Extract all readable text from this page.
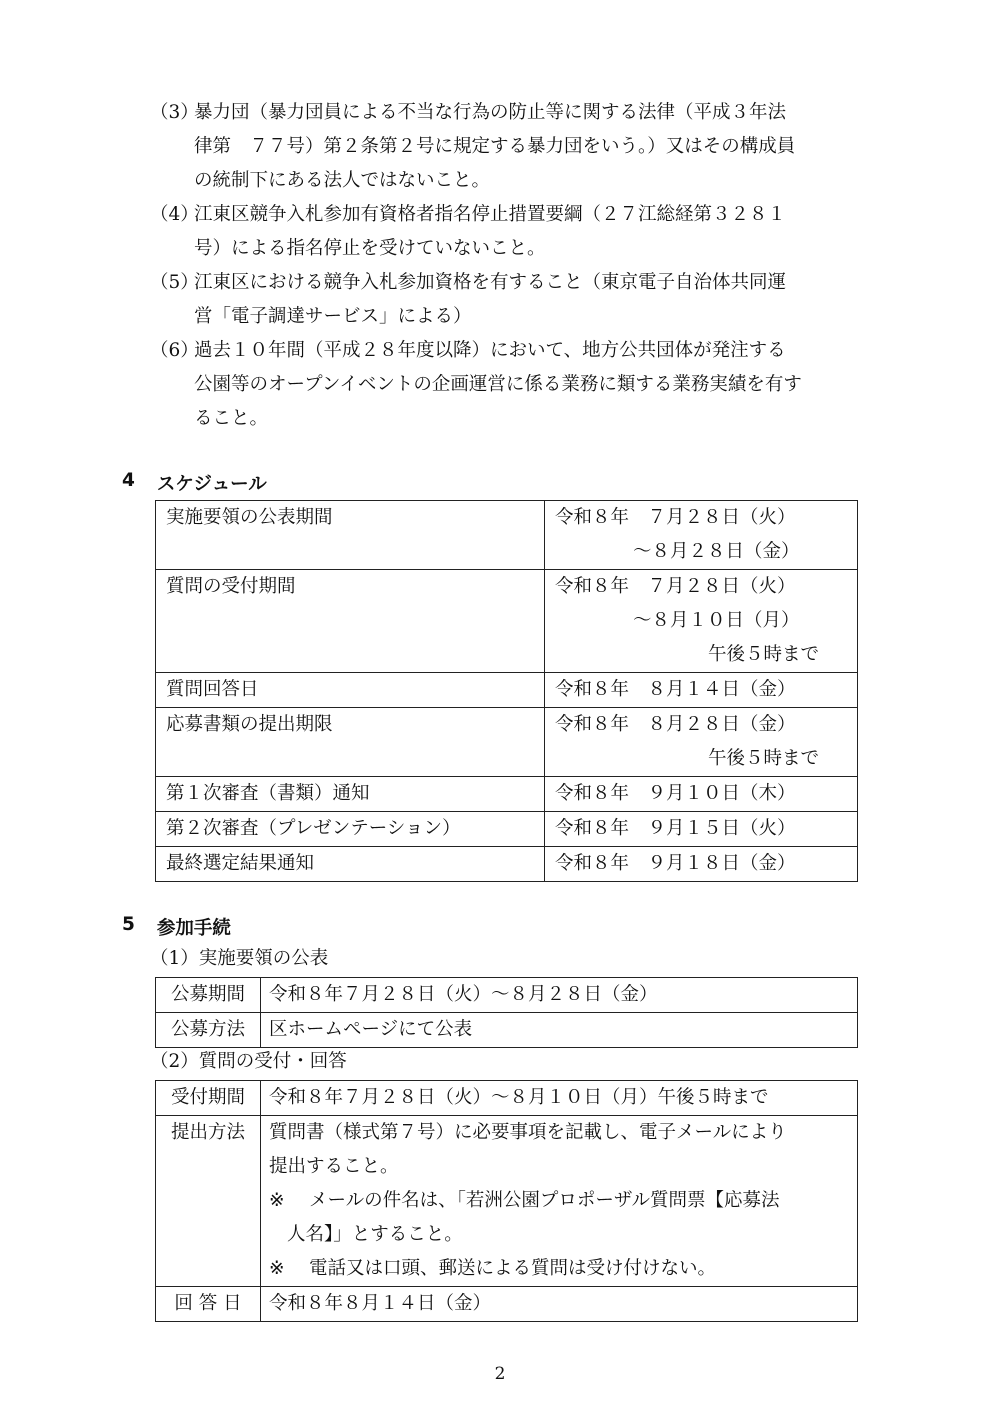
（3）
暴力団（暴力団員による不当な行為の防止等に関する法律（平成３年法
律第　７７号）第２条第２号に規定する暴力団をいう。）又はその構成員
の統制下にある法人ではないこと。
（4）
江東区競争入札参加有資格者指名停止措置要綱（２７江総経第３２８１
号）による指名停止を受けていないこと。
（5）
江東区における競争入札参加資格を有すること（東京電子自治体共同運
営「電子調達サービス」による）
（6）
過去１０年間（平成２８年度以降）において、地方公共団体が発注する
公園等のオープンイベントの企画運営に係る業務に類する業務実績を有す
ること。
4 スケジュール
実施要領の公表期間	令和８年　７月２８日（火）
～８月２８日（金）

質問の受付期間	令和８年　７月２８日（火）
～８月１０日（月）
午後５時まで

質問回答日	令和８年　８月１４日（金）

応募書類の提出期限	令和８年　８月２８日（金）
午後５時まで

第１次審査（書類）通知	令和８年　９月１０日（木）

第２次審査（プレゼンテーション）	令和８年　９月１５日（火）

最終選定結果通知	令和８年　９月１８日（金）
5 参加手続
（1）実施要領の公表
公募期間	令和８年７月２８日（火）～８月２８日（金）
公募方法	区ホームページにて公表
（2）質問の受付・回答
受付期間	令和８年７月２８日（火）～８月１０日（月）午後５時まで
提出方法	質問書（様式第７号）に必要事項を記載し、電子メールにより
提出すること。
※ メールの件名は、「若洲公園プロポーザル質問票【応募法
人名】」とすること。
※ 電話又は口頭、郵送による質問は受け付けない。

回 答 日	令和８年８月１４日（金）
2
